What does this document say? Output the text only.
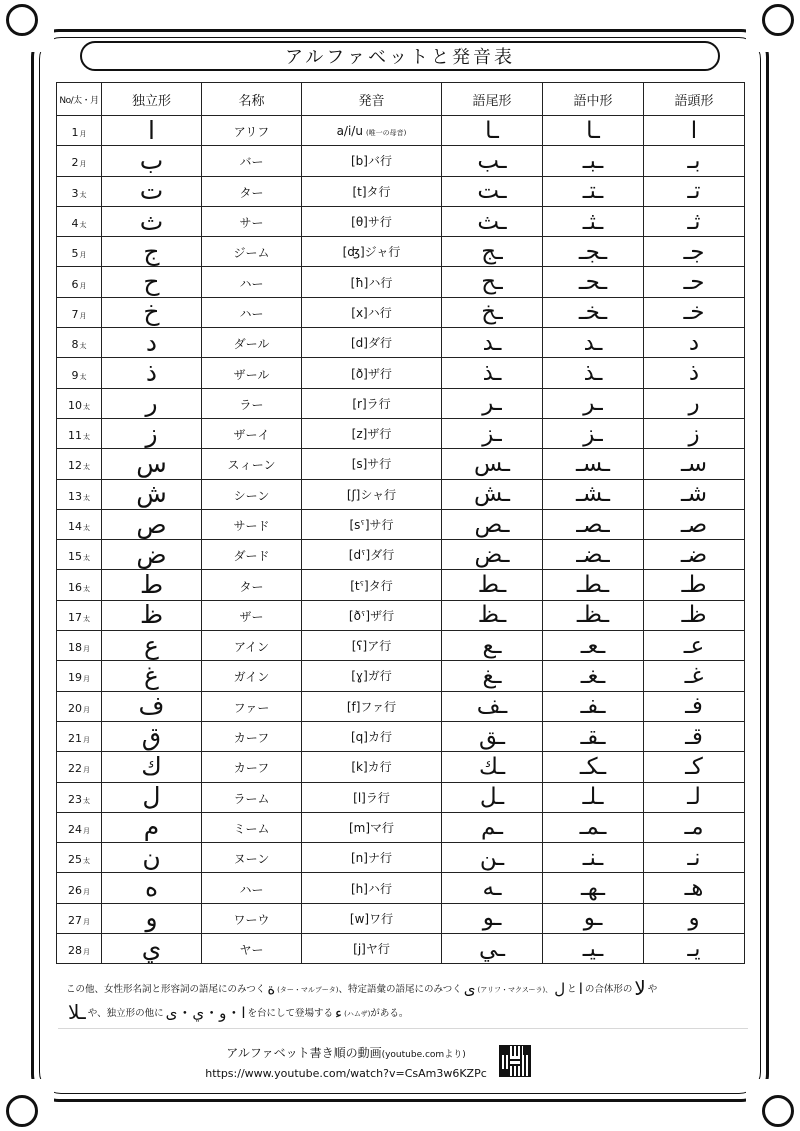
アルファベットと発音表
No/太・月	独立形	名称	発音	語尾形	語中形	語頭形
1月	ا	アリフ	a/i/u (唯一の母音)	ـا	ـا	ا
2月	ب	バー	[b]バ行	ـب	ـبـ	بـ
3太	ت	ター	[t]タ行	ـت	ـتـ	تـ
4太	ث	サー	[θ]サ行	ـث	ـثـ	ثـ
5月	ج	ジーム	[ʤ]ジャ行	ـج	ـجـ	جـ
6月	ح	ハー	[ħ]ハ行	ـح	ـحـ	حـ
7月	خ	ハー	[x]ハ行	ـخ	ـخـ	خـ
8太	د	ダール	[d]ダ行	ـد	ـد	د
9太	ذ	ザール	[ð]ザ行	ـذ	ـذ	ذ
10太	ر	ラー	[r]ラ行	ـر	ـر	ر
11太	ز	ザーイ	[z]ザ行	ـز	ـز	ز
12太	س	スィーン	[s]サ行	ـس	ـسـ	سـ
13太	ش	シーン	[ʃ]シャ行	ـش	ـشـ	شـ
14太	ص	サード	[sˤ]サ行	ـص	ـصـ	صـ
15太	ض	ダード	[dˤ]ダ行	ـض	ـضـ	ضـ
16太	ط	ター	[tˤ]タ行	ـط	ـطـ	طـ
17太	ظ	ザー	[ðˤ]ザ行	ـظ	ـظـ	ظـ
18月	ع	アイン	[ʕ]ア行	ـع	ـعـ	عـ
19月	غ	ガイン	[ɣ]ガ行	ـغ	ـغـ	غـ
20月	ف	ファー	[f]ファ行	ـف	ـفـ	فـ
21月	ق	カーフ	[q]カ行	ـق	ـقـ	قـ
22月	ك	カーフ	[k]カ行	ـك	ـكـ	كـ
23太	ل	ラーム	[l]ラ行	ـل	ـلـ	لـ
24月	م	ミーム	[m]マ行	ـم	ـمـ	مـ
25太	ن	ヌーン	[n]ナ行	ـن	ـنـ	نـ
26月	ه	ハー	[h]ハ行	ـه	ـهـ	هـ
27月	و	ワーウ	[w]ワ行	ـو	ـو	و
28月	ي	ヤー	[j]ヤ行	ـي	ـيـ	يـ
この他、女性形名詞と形容詞の語尾にのみつく ة (ター・マルブータ)、特定語彙の語尾にのみつく ى (アリフ・マクスーラ)、 ل と ا の合体形の لا や
ـلا や、独立形の他に ا・و・ي・ى を台にして登場する ء (ハムザ)がある。
アルファベット書き順の動画(youtube.comより)
https://www.youtube.com/watch?v=CsAm3w6KZPc
